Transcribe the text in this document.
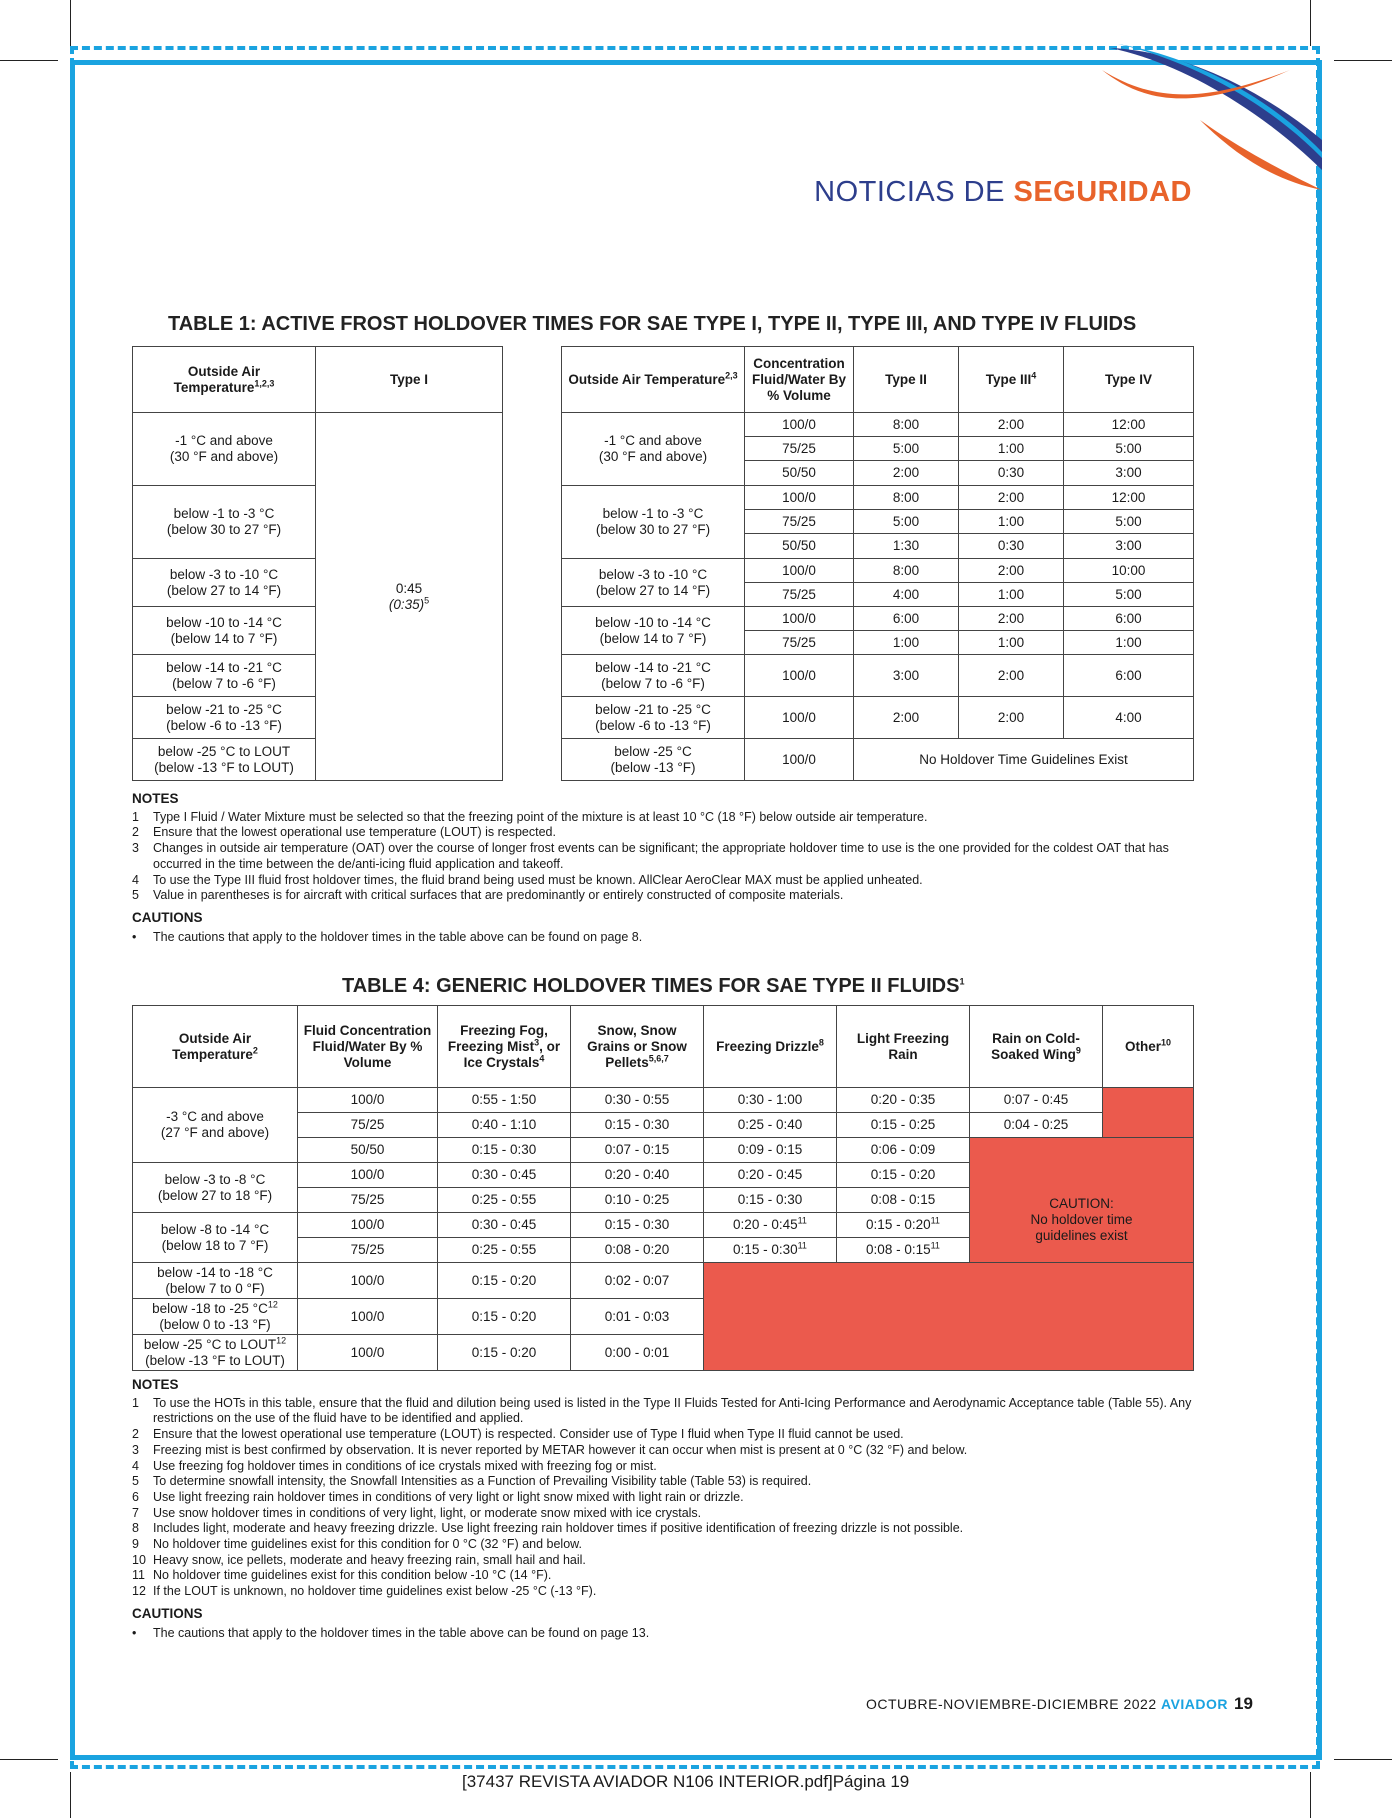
NOTICIAS DE SEGURIDAD
TABLE 1: ACTIVE FROST HOLDOVER TIMES FOR SAE TYPE I, TYPE II, TYPE III, AND TYPE IV FLUIDS
Outside Air Temperature$^{1,2,3}$	Type I
-1 °C and above
(30 °F and above)	0:45
(0:35)$^5$
below -1 to -3 °C
(below 30 to 27 °F)	
below -3 to -10 °C
(below 27 to 14 °F)	
below -10 to -14 °C
(below 14 to 7 °F)	
below -14 to -21 °C
(below 7 to -6 °F)	
below -21 to -25 °C
(below -6 to -13 °F)	
below -25 °C to LOUT
(below -13 °F to LOUT)	
Outside Air Temperature$^{2,3}$	Concentration Fluid/Water By % Volume	Type II	Type III$^4$	Type IV
-1 °C and above
(30 °F and above)	100/0	8:00	2:00	12:00
	75/25	5:00	1:00	5:00
	50/50	2:00	0:30	3:00
below -1 to -3 °C
(below 30 to 27 °F)	100/0	8:00	2:00	12:00
	75/25	5:00	1:00	5:00
	50/50	1:30	0:30	3:00
below -3 to -10 °C
(below 27 to 14 °F)	100/0	8:00	2:00	10:00
	75/25	4:00	1:00	5:00
below -10 to -14 °C
(below 14 to 7 °F)	100/0	6:00	2:00	6:00
	75/25	1:00	1:00	1:00
below -14 to -21 °C
(below 7 to -6 °F)	100/0	3:00	2:00	6:00
below -21 to -25 °C
(below -6 to -13 °F)	100/0	2:00	2:00	4:00
below -25 °C
(below -13 °F)	100/0	No Holdover Time Guidelines Exist		
NOTES
1	Type I Fluid / Water Mixture must be selected so that the freezing point of the mixture is at least 10 °C (18 °F) below outside air temperature.
2	Ensure that the lowest operational use temperature (LOUT) is respected.
3	Changes in outside air temperature (OAT) over the course of longer frost events can be significant; the appropriate holdover time to use is the one provided for the coldest OAT that has occurred in the time between the de/anti-icing fluid application and takeoff.
4	To use the Type III fluid frost holdover times, the fluid brand being used must be known. AllClear AeroClear MAX must be applied unheated.
5	Value in parentheses is for aircraft with critical surfaces that are predominantly or entirely constructed of composite materials.
CAUTIONS
•	The cautions that apply to the holdover times in the table above can be found on page 8.
TABLE 4: GENERIC HOLDOVER TIMES FOR SAE TYPE II FLUIDS$^1$
Outside Air Temperature$^2$	Fluid Concentration Fluid/Water By % Volume	Freezing Fog, Freezing Mist$^3$, or Ice Crystals$^4$	Snow, Snow Grains or Snow Pellets$^{5,6,7}$	Freezing Drizzle$^8$	Light Freezing Rain	Rain on Cold-Soaked Wing$^9$	Other$^{10}$
-3 °C and above
(27 °F and above)	100/0	0:55 - 1:50	0:30 - 0:55	0:30 - 1:00	0:20 - 0:35	0:07 - 0:45	
	75/25	0:40 - 1:10	0:15 - 0:30	0:25 - 0:40	0:15 - 0:25	0:04 - 0:25	
	50/50	0:15 - 0:30	0:07 - 0:15	0:09 - 0:15	0:06 - 0:09	CAUTION:
No holdover time
guidelines exist	

below -3 to -8 °C
(below 27 to 18 °F)	100/0	0:30 - 0:45	0:20 - 0:40	0:20 - 0:45	0:15 - 0:20		
	75/25	0:25 - 0:55	0:10 - 0:25	0:15 - 0:30	0:08 - 0:15		
below -8 to -14 °C
(below 18 to 7 °F)	100/0	0:30 - 0:45	0:15 - 0:30	0:20 - $0:45^{11}$	0:15 - $0:20^{11}$
	75/25	0:25 - 0:55	0:08 - 0:20	0:15 - $0:30^{11}$	0:08 - $0:15^{11}$
below -14 to -18 °C
(below 7 to 0 °F)	100/0	0:15 - 0:20	0:02 - 0:07				
below -18 to -25 $^\circ C^{12}$
(below 0 to -13 °F)	100/0	0:15 - 0:20	0:01 - 0:03				
below -25 °C to LOUT$^{12}$
(below -13 °F to LOUT)	100/0	0:15 - 0:20	0:00 - 0:01				
NOTES
1	To use the HOTs in this table, ensure that the fluid and dilution being used is listed in the Type II Fluids Tested for Anti-Icing Performance and Aerodynamic Acceptance table (Table 55). Any restrictions on the use of the fluid have to be identified and applied.
2	Ensure that the lowest operational use temperature (LOUT) is respected. Consider use of Type I fluid when Type II fluid cannot be used.
3	Freezing mist is best confirmed by observation. It is never reported by METAR however it can occur when mist is present at 0 °C (32 °F) and below.
4	Use freezing fog holdover times in conditions of ice crystals mixed with freezing fog or mist.
5	To determine snowfall intensity, the Snowfall Intensities as a Function of Prevailing Visibility table (Table 53) is required.
6	Use light freezing rain holdover times in conditions of very light or light snow mixed with light rain or drizzle.
7	Use snow holdover times in conditions of very light, light, or moderate snow mixed with ice crystals.
8	Includes light, moderate and heavy freezing drizzle. Use light freezing rain holdover times if positive identification of freezing drizzle is not possible.
9	No holdover time guidelines exist for this condition for 0 °C (32 °F) and below.
10 Heavy snow, ice pellets, moderate and heavy freezing rain, small hail and hail.
11 No holdover time guidelines exist for this condition below -10 °C (14 °F).
12 If the LOUT is unknown, no holdover time guidelines exist below -25 °C (-13 °F).
CAUTIONS
•	The cautions that apply to the holdover times in the table above can be found on page 13.
OCTUBRE-NOVIEMBRE-DICIEMBRE 2022 AVIADOR 19
[37437 REVISTA AVIADOR N106 INTERIOR.pdf]Página 19
